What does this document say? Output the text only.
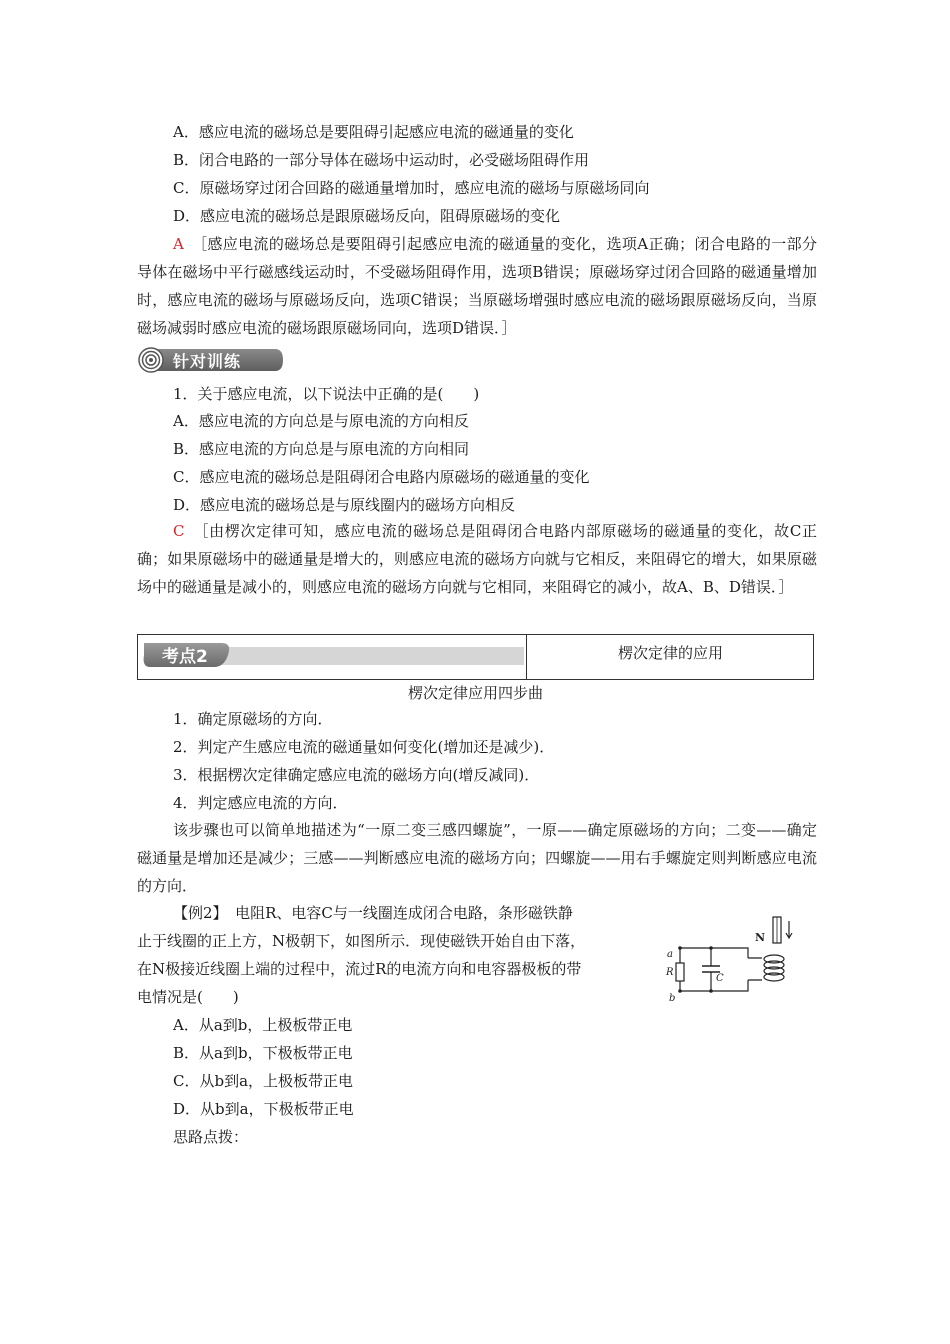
A．感应电流的磁场总是要阻碍引起感应电流的磁通量的变化
B．闭合电路的一部分导体在磁场中运动时，必受磁场阻碍作用
C．原磁场穿过闭合回路的磁通量增加时，感应电流的磁场与原磁场同向
D．感应电流的磁场总是跟原磁场反向，阻碍原磁场的变化
A　 ［感应电流的磁场总是要阻碍引起感应电流的磁通量的变化，选项A正确；闭合电路的一部分导体在磁场中平行磁感线运动时，不受磁场阻碍作用，选项B错误；原磁场穿过闭合回路的磁通量增加时，感应电流的磁场与原磁场反向，选项C错误；当原磁场增强时感应电流的磁场跟原磁场反向，当原磁场减弱时感应电流的磁场跟原磁场同向，选项D错误．］
针对训练
1．关于感应电流，以下说法中正确的是(　　)
A．感应电流的方向总是与原电流的方向相反
B．感应电流的方向总是与原电流的方向相同
C．感应电流的磁场总是阻碍闭合电路内原磁场的磁通量的变化
D．感应电流的磁场总是与原线圈内的磁场方向相反
C　 ［由楞次定律可知，感应电流的磁场总是阻碍闭合电路内部原磁场的磁通量的变化，故C正确；如果原磁场中的磁通量是增大的，则感应电流的磁场方向就与它相反，来阻碍它的增大，如果原磁场中的磁通量是减小的，则感应电流的磁场方向就与它相同，来阻碍它的减小，故A、B、D错误．］
考点2	楞次定律的应用
楞次定律应用四步曲
1．确定原磁场的方向．
2．判定产生感应电流的磁通量如何变化(增加还是减少)．
3．根据楞次定律确定感应电流的磁场方向(增反减同)．
4．判定感应电流的方向．
该步骤也可以简单地描述为“一原二变三感四螺旋”，一原——确定原磁场的方向；二变——确定磁通量是增加还是减少；三感——判断感应电流的磁场方向；四螺旋——用右手螺旋定则判断感应电流的方向．
【例2】　 电阻R、电容C与一线圈连成闭合电路，条形磁铁静
止于线圈的正上方，N极朝下，如图所示．现使磁铁开始自由下落，
在N极接近线圈上端的过程中，流过R的电流方向和电容器极板的带
电情况是(　　)
A．从a到b，上极板带正电
B．从a到b，下极板带正电
C．从b到a，上极板带正电
D．从b到a，下极板带正电
思路点拨：
N
a
R
b
C
